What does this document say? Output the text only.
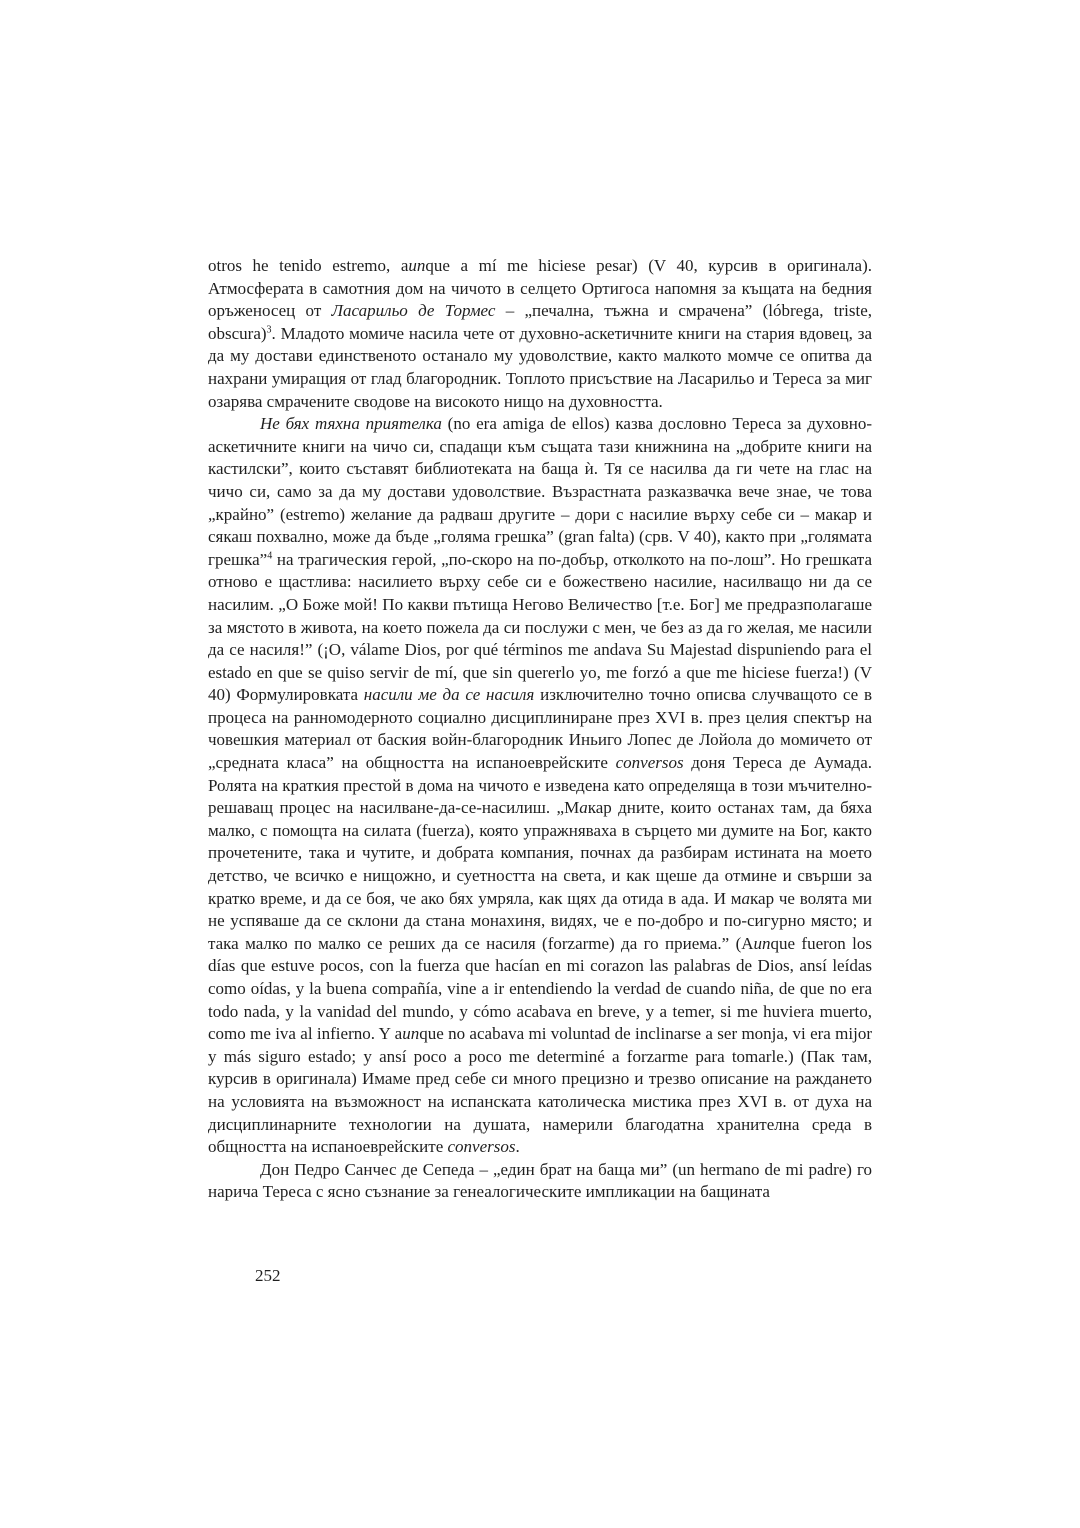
otros he tenido estremo, aunque a mí me hiciese pesar) (V 40, курсив в оригинала). Атмосферата в самотния дом на чичото в селцето Ортигоса напомня за къщата на бедния оръженосец от Ласарильо де Тормес – „печална, тъжна и смрачена” (lóbrega, triste, obscura)$^3$. Младото момиче насила чете от духовно-аскетичните книги на стария вдовец, за да му достави единственото останало му удоволствие, както малкото момче се опитва да нахрани умиращия от глад благородник. Топлото присъствие на Ласарильо и Тереса за миг озарява смрачените сводове на високото нищо на духовността.

Не бях тяхна приятелка (no era amiga de ellos) казва дословно Тереса за духовно-аскетичните книги на чичо си, спадащи към същата тази книжнина на „добрите книги на кастилски”, които съставят библиотеката на баща ѝ. Тя се насилва да ги чете на глас на чичо си, само за да му достави удоволствие. Възрастната разказвачка вече знае, че това „крайно” (estremo) желание да радваш другите – дори с насилие върху себе си – макар и сякаш похвално, може да бъде „голяма грешка” (gran falta) (срв. V 40), както при „голямата грешка”$^4$ на трагическия герой, „по-скоро на по-добър, отколкото на по-лош”. Но грешката отново е щастлива: насилието върху себе си е божествено насилие, насилващо ни да се насилим. „О Боже мой! По какви пътища Негово Величество [т.е. Бог] ме предразполагаше за мястото в живота, на което пожела да си послужи с мен, че без аз да го желая, ме насили да се насиля!” (¡O, válame Dios, por qué términos me andava Su Majestad dispuniendo para el estado en que se quiso servir de mí, que sin quererlo yo, me forzó a que me hiciese fuerza!) (V 40) Формулировката насили ме да се насиля изключително точно описва случващото се в процеса на ранномодерното социално дисциплиниране през XVI в. през целия спектър на човешкия материал от баския войн-благородник Иньиго Лопес де Лойола до момичето от „средната класа” на общността на испаноеврейските conversos доня Тереса де Аумада. Ролята на краткия престой в дома на чичото е изведена като определяща в този мъчително-решаващ процес на насилване-да-се-насилиш. „Макар дните, които останах там, да бяха малко, с помощта на силата (fuerza), която упражняваха в сърцето ми думите на Бог, както прочетените, така и чутите, и добрата компания, почнах да разбирам истината на моето детство, че всичко е нищожно, и суетността на света, и как щеше да отмине и свърши за кратко време, и да се боя, че ако бях умряла, как щях да отида в ада. И макар че волята ми не успяваше да се склони да стана монахиня, видях, че е по-добро и по-сигурно място; и така малко по малко се реших да се насиля (forzarme) да го приема.” (Aunque fueron los días que estuve pocos, con la fuerza que hacían en mi corazon las palabras de Dios, ansí leídas como oídas, y la buena compañía, vine a ir entendiendo la verdad de cuando niña, de que no era todo nada, y la vanidad del mundo, y cómo acabava en breve, y a temer, si me huviera muerto, como me iva al infierno. Y aunque no acabava mi voluntad de inclinarse a ser monja, vi era mijor y más siguro estado; y ansí poco a poco me determiné a forzarme para tomarle.) (Пак там, курсив в оригинала) Имаме пред себе си много прецизно и трезво описание на раждането на условията на възможност на испанската католическа мистика през XVI в. от духа на дисциплинарните технологии на душата, намерили благодатна хранителна среда в общността на испаноеврейските conversos.

Дон Педро Санчес де Сепеда – „един брат на баща ми” (un hermano de mi padre) го нарича Тереса с ясно съзнание за генеалогическите импликации на бащината

252
